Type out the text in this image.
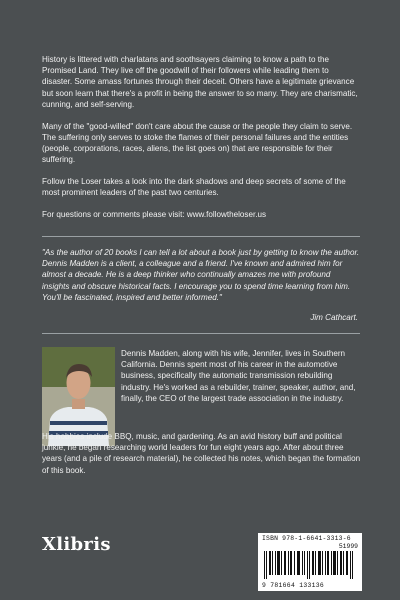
History is littered with charlatans and soothsayers claiming to know a path to the Promised Land. They live off the goodwill of their followers while leading them to disaster. Some amass fortunes through their deceit. Others have a legitimate grievance but soon learn that there's a profit in being the answer to so many. They are charismatic, cunning, and self-serving.

Many of the "good-willed" don't care about the cause or the people they claim to serve. The suffering only serves to stoke the flames of their personal failures and the entities (people, corporations, races, aliens, the list goes on) that are responsible for their suffering.

Follow the Loser takes a look into the dark shadows and deep secrets of some of the most prominent leaders of the past two centuries.

For questions or comments please visit: www.followtheloser.us

"As the author of 20 books I can tell a lot about a book just by getting to know the author. Dennis Madden is a client, a colleague and a friend. I've known and admired him for almost a decade. He is a deep thinker who continually amazes me with profound insights and obscure historical facts. I encourage you to spend time learning from him. You'll be fascinated, inspired and better informed."
Jim Cathcart.

Dennis Madden, along with his wife, Jennifer, lives in Southern California. Dennis spent most of his career in the automotive business, specifically the automatic transmission rebuilding industry. He's worked as a rebuilder, trainer, speaker, author, and, finally, the CEO of the largest trade association in the industry.

His hobbies include BBQ, music, and gardening. As an avid history buff and political junkie, he began researching world leaders for fun eight years ago. After about three years (and a pile of research material), he collected his notes, which began the formation of this book.

Xlibris	ISBN 978-1-6641-3313-6
51999
9 781664 133136
